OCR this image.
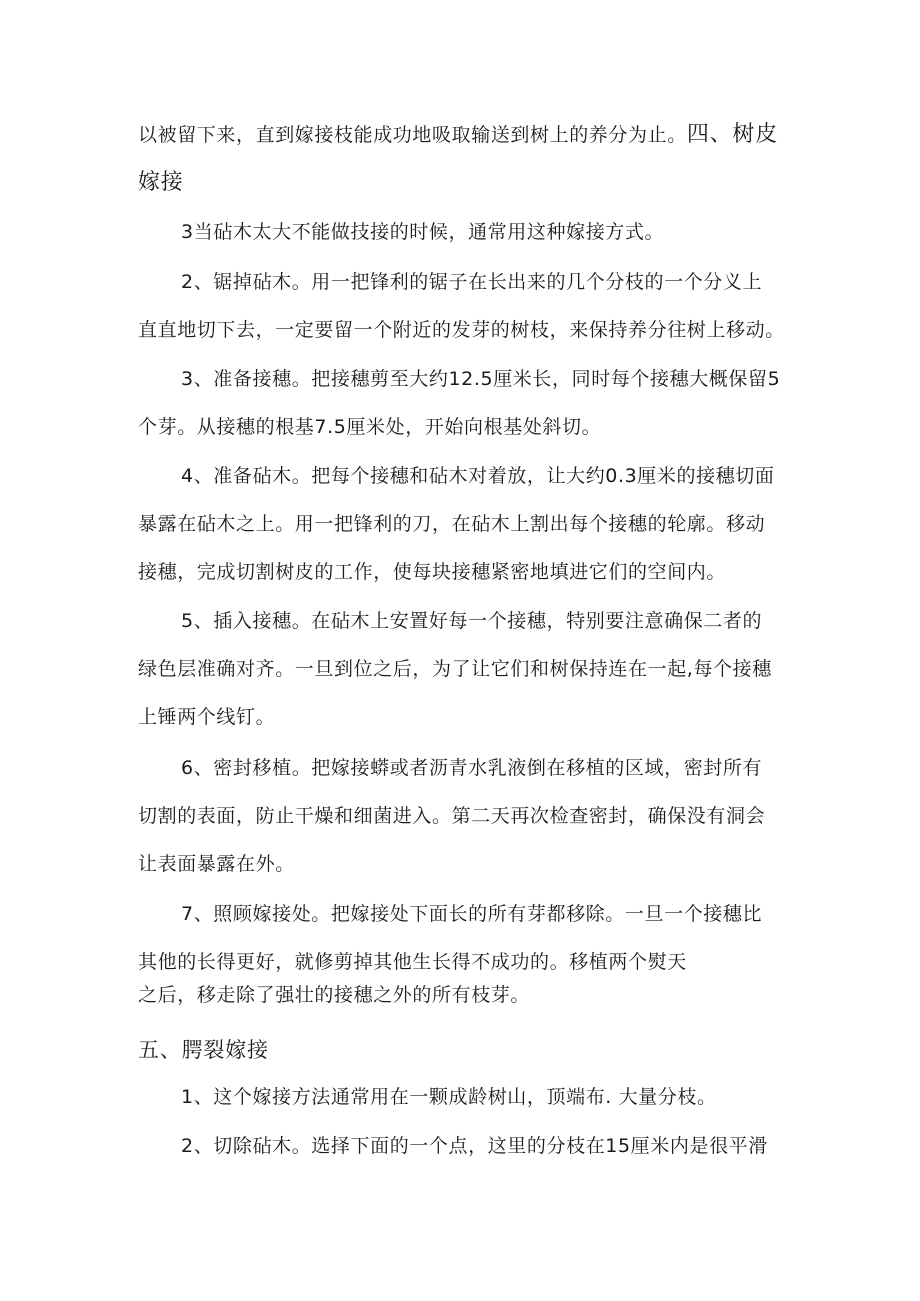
以被留下来，直到嫁接枝能成功地吸取输送到树上的养分为止。四、树皮
嫁接
3当砧木太大不能做技接的时候，通常用这种嫁接方式。
2、锯掉砧木。用一把锋利的锯子在长出来的几个分枝的一个分义上
直直地切下去，一定要留一个附近的发芽的树枝，来保持养分往树上移动。
3、准备接穗。把接穗剪至大约12.5厘米长，同时每个接穗大概保留5
个芽。从接穗的根基7.5厘米处，开始向根基处斜切。
4、准备砧木。把每个接穗和砧木对着放，让大约0.3厘米的接穗切面
暴露在砧木之上。用一把锋利的刀，在砧木上割出每个接穗的轮廓。移动
接穗，完成切割树皮的工作，使每块接穗紧密地填进它们的空间内。
5、插入接穗。在砧木上安置好每一个接穗，特别要注意确保二者的
绿色层准确对齐。一旦到位之后，为了让它们和树保持连在一起,每个接穗
上锤两个线钉。
6、密封移植。把嫁接蟒或者沥青水乳液倒在移植的区域，密封所有
切割的表面，防止干燥和细菌进入。第二天再次检查密封，确保没有洞会
让表面暴露在外。
7、照顾嫁接处。把嫁接处下面长的所有芽都移除。一旦一个接穗比
其他的长得更好，就修剪掉其他生长得不成功的。移植两个熨天
之后，移走除了强壮的接穗之外的所有枝芽。
五、腭裂嫁接
1、这个嫁接方法通常用在一颗成龄树山，顶端布. 大量分枝。
2、切除砧木。选择下面的一个点，这里的分枝在15厘米内是很平滑
